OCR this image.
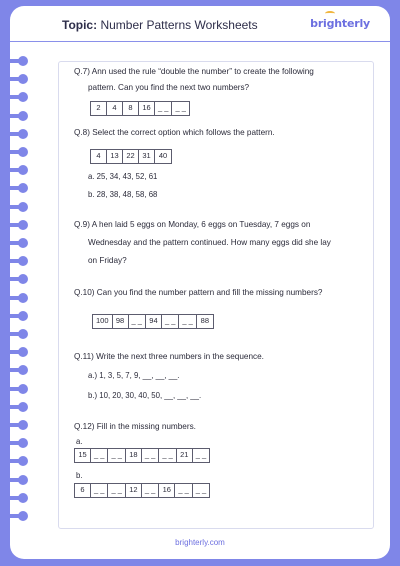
Topic: Number Patterns Worksheets	brighterly
Q.7) Ann used the rule “double the number” to create the following
pattern. Can you find the next two numbers?
2	4	8	16 _ _ _ _
Q.8) Select the correct option which follows the pattern.
4	13	22	31	40
a. 25, 34, 43, 52, 61
b. 28, 38, 48, 58, 68
Q.9) A hen laid 5 eggs on Monday, 6 eggs on Tuesday, 7 eggs on
Wednesday and the pattern continued. How many eggs did she lay
on Friday?
Q.10) Can you find the number pattern and fill the missing numbers?
100 98 _ _ 94 _ _ _ _	88
Q.11) Write the next three numbers in the sequence.
a.) 1, 3, 5, 7, 9, __, __, __.
b.) 10, 20, 30, 40, 50, __, __, __.
Q.12) Fill in the missing numbers.
a.
15 _ _ _ _ 18 _ _ _ _ 21 _ _
b.
6	_ _ _ _ 12 _ _ 16 _ _ _ _
brighterly.com
